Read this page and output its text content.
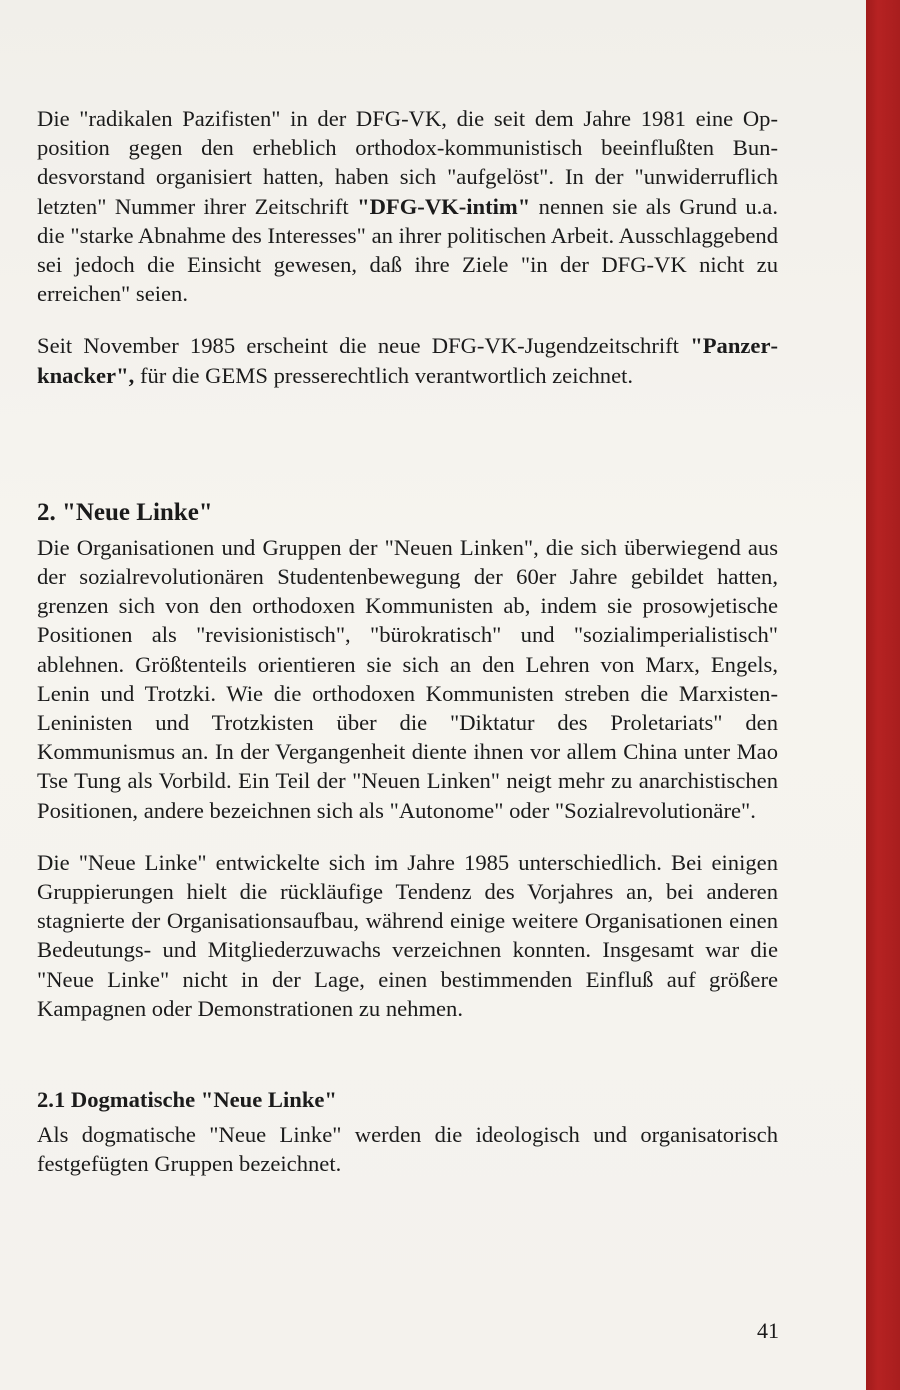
Die "radikalen Pazifisten" in der DFG-VK, die seit dem Jahre 1981 eine Opposition gegen den erheblich orthodox-kommunistisch beeinflußten Bundesvorstand organisiert hatten, haben sich "aufgelöst". In der "unwiderruflich letzten" Nummer ihrer Zeitschrift "DFG-VK-intim" nennen sie als Grund u.a. die "starke Abnahme des Interesses" an ihrer politischen Arbeit. Ausschlaggebend sei jedoch die Einsicht gewesen, daß ihre Ziele "in der DFG-VK nicht zu erreichen" seien.

Seit November 1985 erscheint die neue DFG-VK-Jugendzeitschrift "Panzerknacker", für die GEMS presserechtlich verantwortlich zeichnet.

2. "Neue Linke"

Die Organisationen und Gruppen der "Neuen Linken", die sich überwiegend aus der sozialrevolutionären Studentenbewegung der 60er Jahre gebildet hatten, grenzen sich von den orthodoxen Kommunisten ab, indem sie prosowjetische Positionen als "revisionistisch", "bürokratisch" und "sozialimperialistisch" ablehnen. Größtenteils orientieren sie sich an den Lehren von Marx, Engels, Lenin und Trotzki. Wie die orthodoxen Kommunisten streben die Marxisten-Leninisten und Trotzkisten über die "Diktatur des Proletariats" den Kommunismus an. In der Vergangenheit diente ihnen vor allem China unter Mao Tse Tung als Vorbild. Ein Teil der "Neuen Linken" neigt mehr zu anarchistischen Positionen, andere bezeichnen sich als "Autonome" oder "Sozialrevolutionäre".

Die "Neue Linke" entwickelte sich im Jahre 1985 unterschiedlich. Bei einigen Gruppierungen hielt die rückläufige Tendenz des Vorjahres an, bei anderen stagnierte der Organisationsaufbau, während einige weitere Organisationen einen Bedeutungs- und Mitgliederzuwachs verzeichnen konnten. Insgesamt war die "Neue Linke" nicht in der Lage, einen bestimmenden Einfluß auf größere Kampagnen oder Demonstrationen zu nehmen.

2.1 Dogmatische "Neue Linke"

Als dogmatische "Neue Linke" werden die ideologisch und organisatorisch festgefügten Gruppen bezeichnet.

41
